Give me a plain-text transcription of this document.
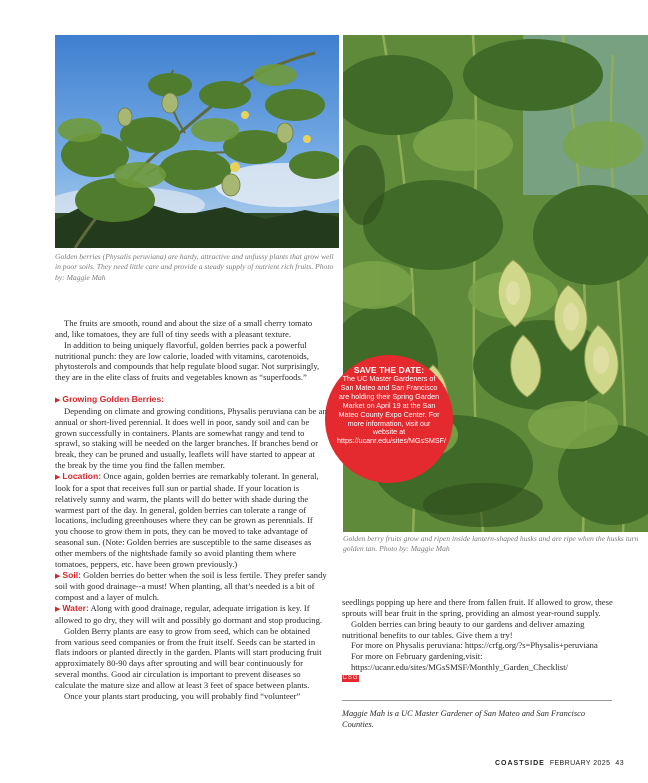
Golden berries (Physalis peruviana) are hardy, attractive and unfussy plants that grow well in poor soils. They need little care and provide a steady supply of nutrient rich fruits. Photo by: Maggie Mah

Golden berry fruits grow and ripen inside lantern-shaped husks and are ripe when the husks turn golden tan. Photo by: Maggie Mah

SAVE THE DATE:
The UC Master Gardeners of San Mateo and San Francisco are holding their Spring Garden Market on April 19 at the San Mateo County Expo Center. For more information, visit our website at https://ucanr.edu/sites/MGsSMSF/

The fruits are smooth, round and about the size of a small cherry tomato and, like tomatoes, they are full of tiny seeds with a pleasant texture.

In addition to being uniquely flavorful, golden berries pack a powerful nutritional punch: they are low calorie, loaded with vitamins, carotenoids, phytosterols and compounds that help regulate blood sugar. Not surprisingly, they are in the elite class of fruits and vegetables known as “superfoods.”

▶ Growing Golden Berries:

Depending on climate and growing conditions, Physalis peruviana can be an annual or short-lived perennial. It does well in poor, sandy soil and can be grown successfully in containers. Plants are somewhat rangy and tend to sprawl, so staking will be needed on the larger branches. If branches bend or break, they can be pruned and usually, leaflets will have started to appear at the break by the time you find the fallen member.

▶ Location: Once again, golden berries are remarkably tolerant. In general, look for a spot that receives full sun or partial shade. If your location is relatively sunny and warm, the plants will do better with shade during the warmest part of the day. In general, golden berries can tolerate a range of locations, including greenhouses where they can be grown as perennials. If you choose to grow them in pots, they can be moved to take advantage of seasonal sun. (Note: Golden berries are susceptible to the same diseases as other members of the nightshade family so avoid planting them where tomatoes, peppers, etc. have been grown previously.)

▶ Soil: Golden berries do better when the soil is less fertile. They prefer sandy soil with good drainage--a must! When planting, all that’s needed is a bit of compost and a layer of mulch.

▶ Water: Along with good drainage, regular, adequate irrigation is key. If allowed to go dry, they will wilt and possibly go dormant and stop producing.

Golden Berry plants are easy to grow from seed, which can be obtained from various seed companies or from the fruit itself. Seeds can be started in flats indoors or planted directly in the garden. Plants will start producing fruit approximately 80-90 days after sprouting and will bear continuously for several months. Good air circulation is important to prevent diseases so calculate the mature size and allow at least 3 feet of space between plants.

Once your plants start producing, you will probably find “volunteer”

seedlings popping up here and there from fallen fruit. If allowed to grow, these sprouts will bear fruit in the spring, providing an almost year-round supply.

Golden berries can bring beauty to our gardens and deliver amazing nutritional benefits to our tables. Give them a try!

For more on Physalis peruviana: https://crfg.org/?s=Physalis+peruviana

For more on February gardening,visit:

https://ucanr.edu/sites/MGsSMSF/Monthly_Garden_Checklist/

CSG

Maggie Mah is a UC Master Gardener of San Mateo and San Francisco Counties.

COASTSIDE FEBRUARY 2025 43
